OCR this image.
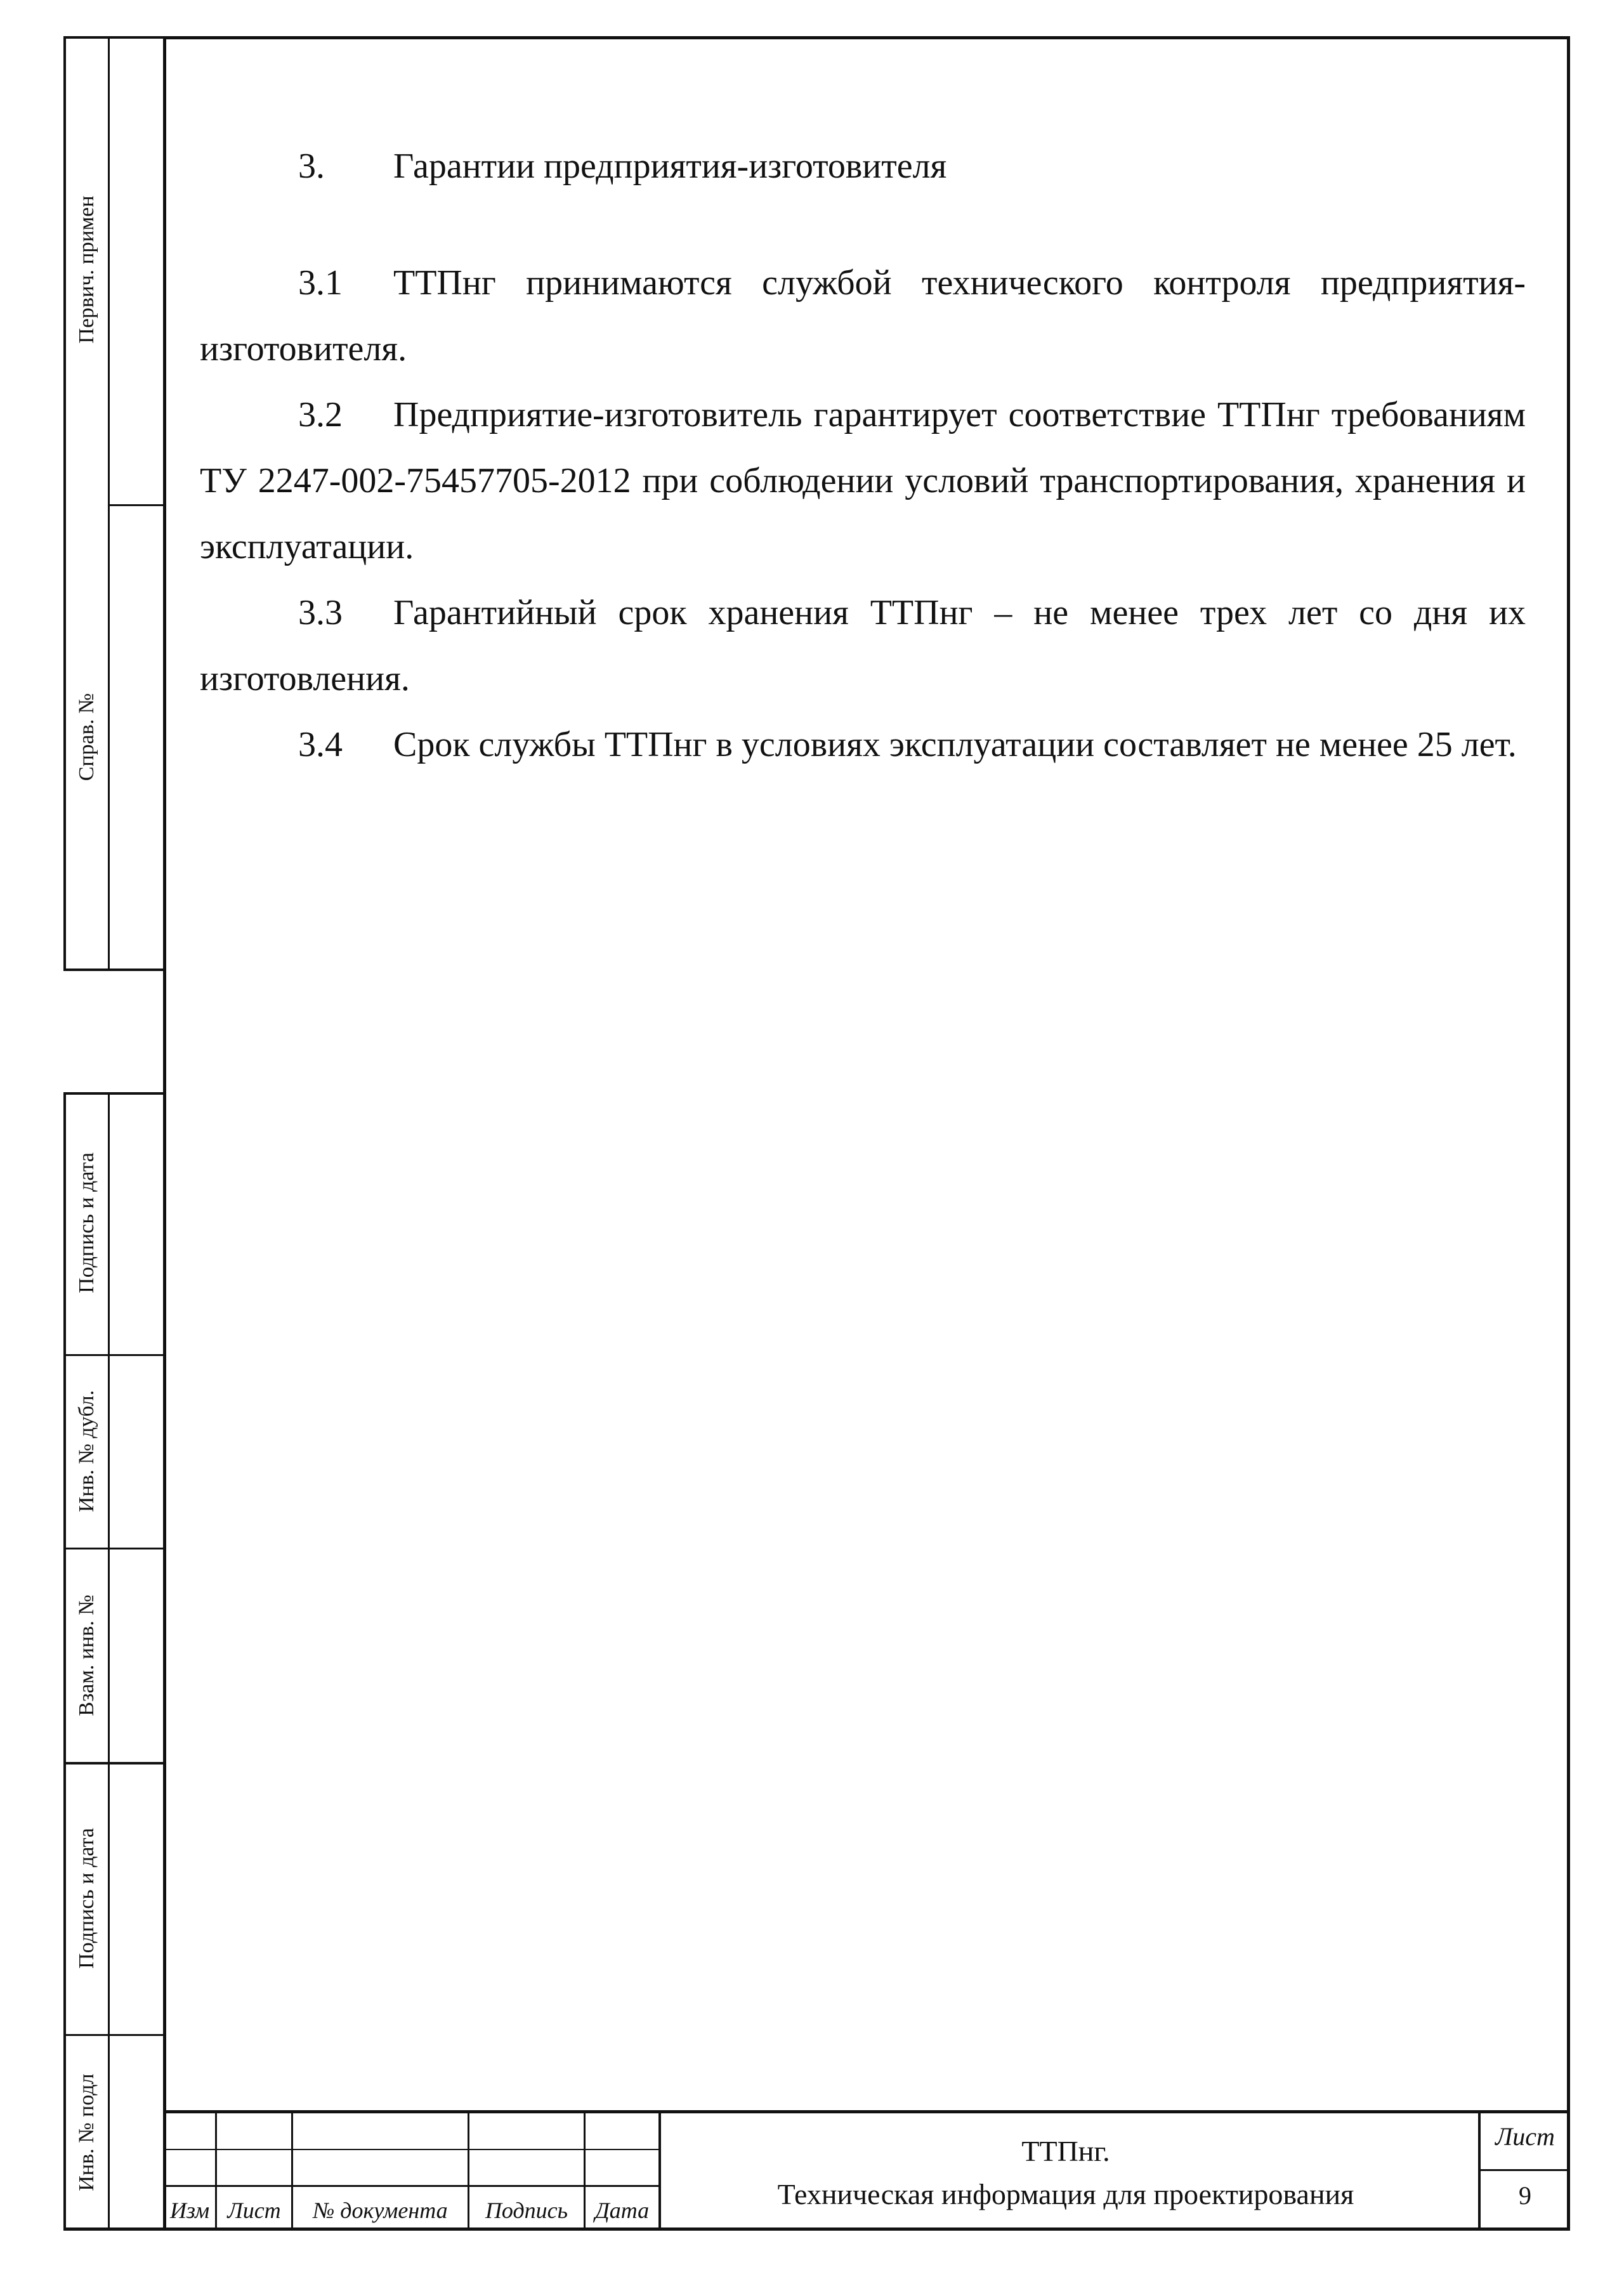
Первич. примен
Справ. №
Подпись и дата
Инв. № дубл.
Взам. инв. №
Подпись и дата
Инв. № подл
3. Гарантии предприятия-изготовителя

3.1 ТТПнг принимаются службой технического контроля предприятия-изготовителя.

3.2 Предприятие-изготовитель гарантирует соответствие ТТПнг требованиям ТУ 2247-002-75457705-2012 при соблюдении условий транспортирования, хранения и эксплуатации.

3.3 Гарантийный срок хранения ТТПнг – не менее трех лет со дня их изготовления.

3.4 Срок службы ТТПнг в условиях эксплуатации составляет не менее 25 лет.

Изм Лист	№ документа	Подпись	Дата
ТТПнг.
Техническая информация для проектирования
Лист
9
